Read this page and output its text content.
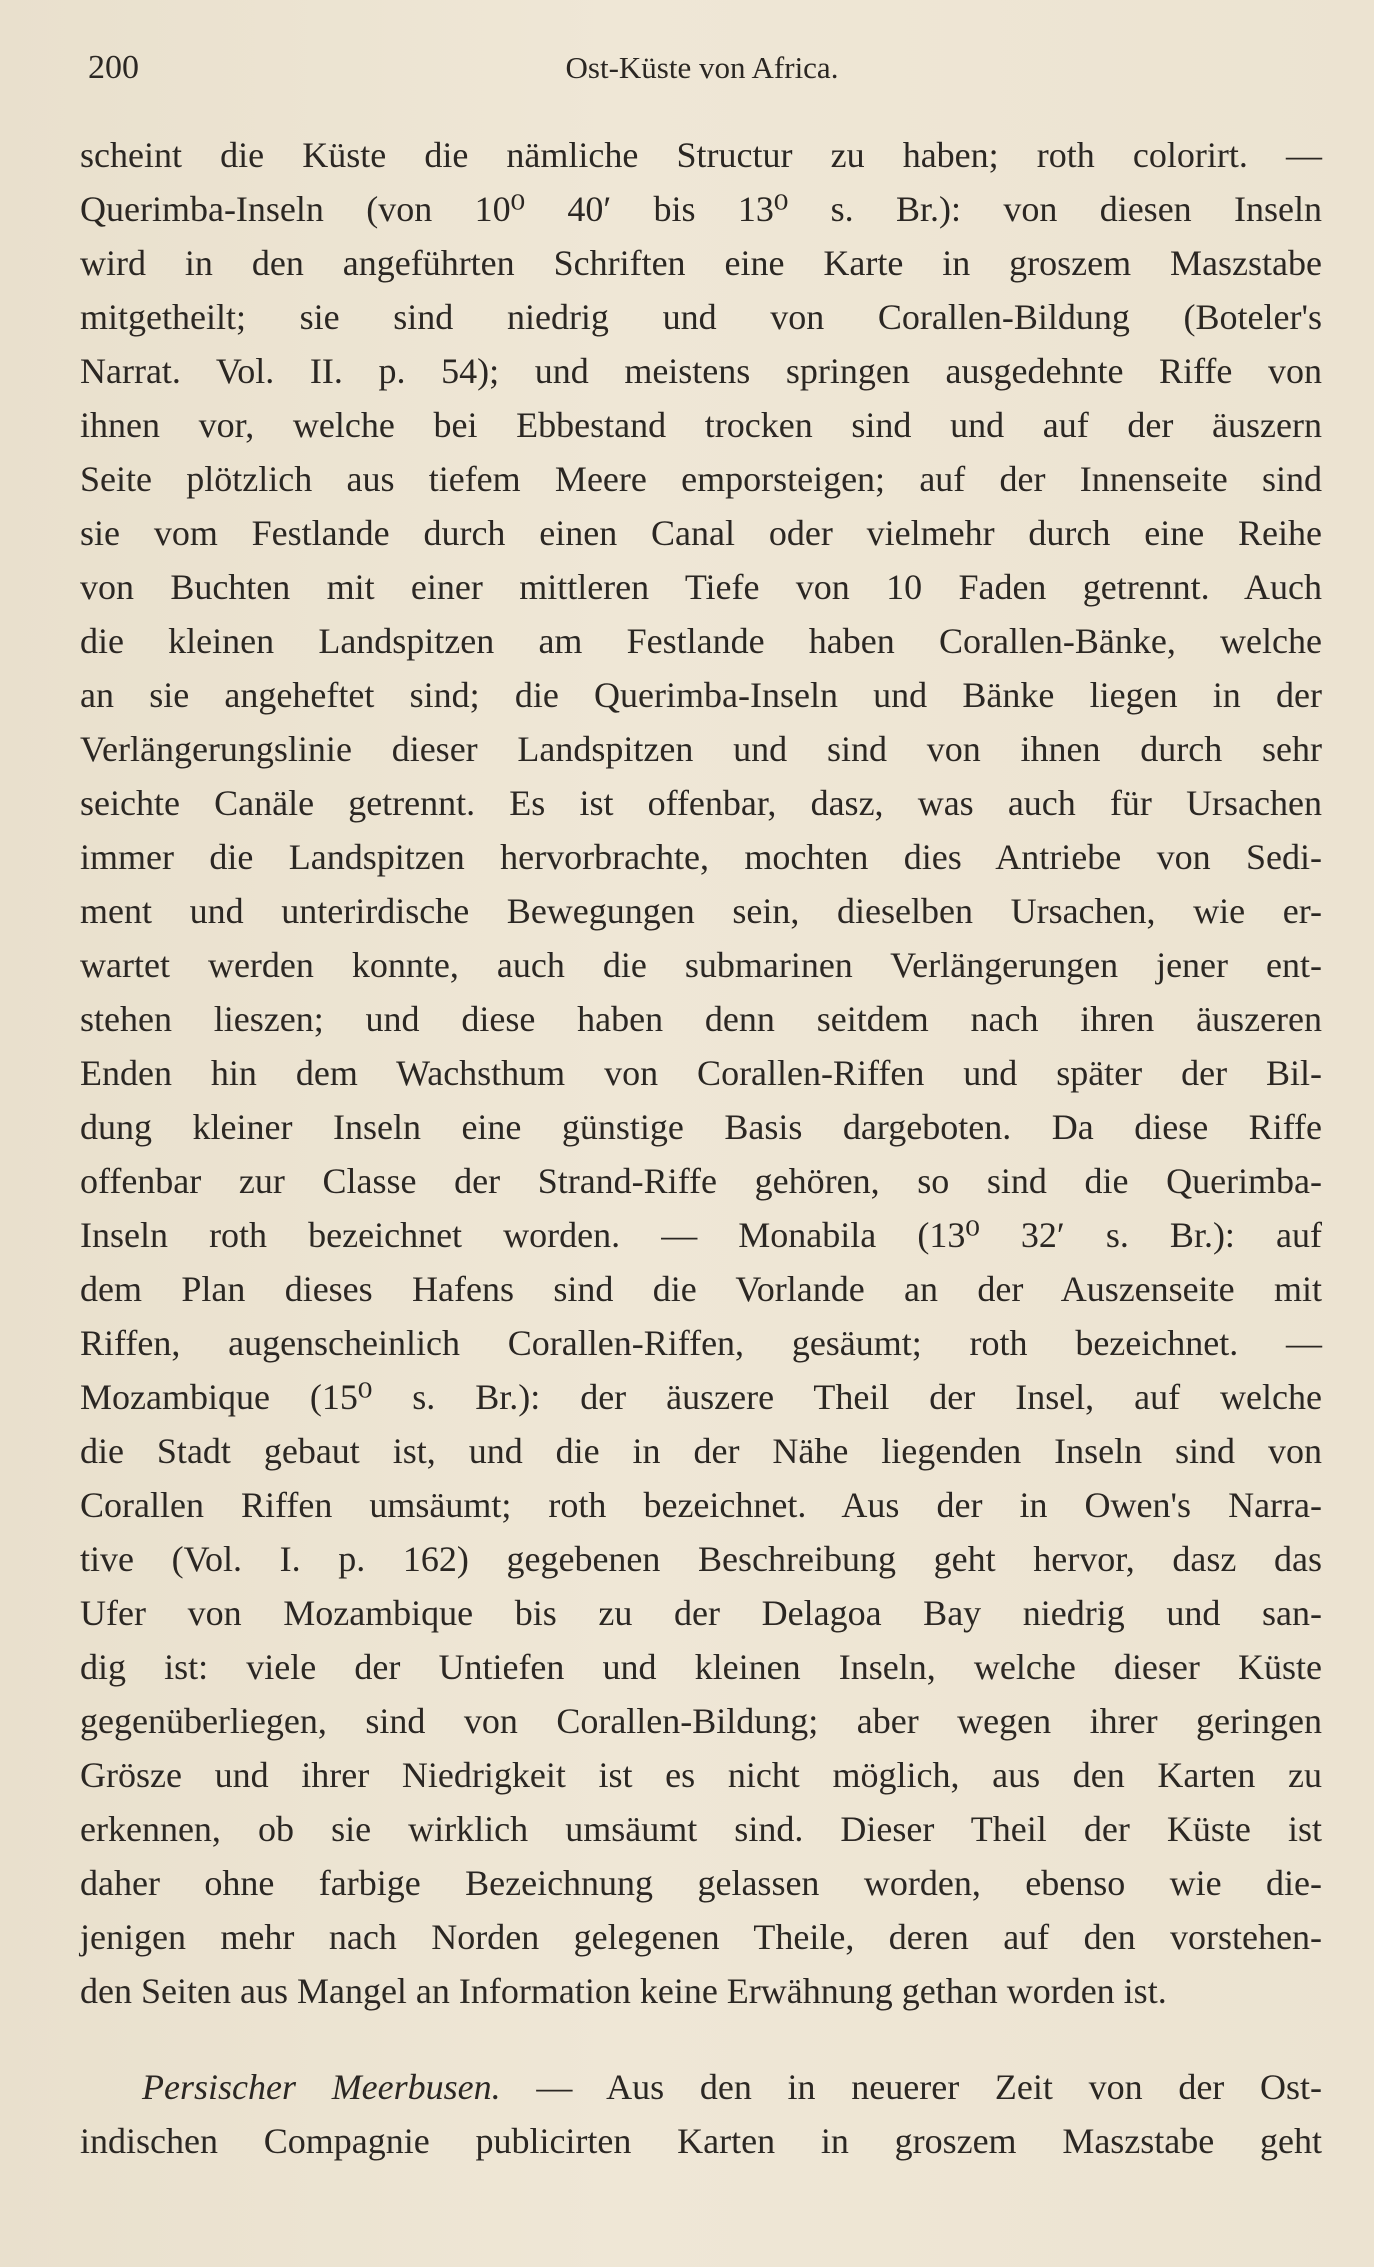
200	Ost-Küste von Africa.
scheint die Küste die nämliche Structur zu haben; roth colorirt. —
Querimba-Inseln (von 10⁰ 40′ bis 13⁰ s. Br.): von diesen Inseln
wird in den angeführten Schriften eine Karte in groszem Maszstabe
mitgetheilt; sie sind niedrig und von Corallen-Bildung (Boteler's
Narrat. Vol. II. p. 54); und meistens springen ausgedehnte Riffe von
ihnen vor, welche bei Ebbestand trocken sind und auf der äuszern
Seite plötzlich aus tiefem Meere emporsteigen; auf der Innenseite sind
sie vom Festlande durch einen Canal oder vielmehr durch eine Reihe
von Buchten mit einer mittleren Tiefe von 10 Faden getrennt. Auch
die kleinen Landspitzen am Festlande haben Corallen-Bänke, welche
an sie angeheftet sind; die Querimba-Inseln und Bänke liegen in der
Verlängerungslinie dieser Landspitzen und sind von ihnen durch sehr
seichte Canäle getrennt. Es ist offenbar, dasz, was auch für Ursachen
immer die Landspitzen hervorbrachte, mochten dies Antriebe von Sedi-
ment und unterirdische Bewegungen sein, dieselben Ursachen, wie er-
wartet werden konnte, auch die submarinen Verlängerungen jener ent-
stehen lieszen; und diese haben denn seitdem nach ihren äuszeren
Enden hin dem Wachsthum von Corallen-Riffen und später der Bil-
dung kleiner Inseln eine günstige Basis dargeboten. Da diese Riffe
offenbar zur Classe der Strand-Riffe gehören, so sind die Querimba-
Inseln roth bezeichnet worden. — Monabila (13⁰ 32′ s. Br.): auf
dem Plan dieses Hafens sind die Vorlande an der Auszenseite mit
Riffen, augenscheinlich Corallen-Riffen, gesäumt; roth bezeichnet. —
Mozambique (15⁰ s. Br.): der äuszere Theil der Insel, auf welche
die Stadt gebaut ist, und die in der Nähe liegenden Inseln sind von
Corallen Riffen umsäumt; roth bezeichnet. Aus der in Owen's Narra-
tive (Vol. I. p. 162) gegebenen Beschreibung geht hervor, dasz das
Ufer von Mozambique bis zu der Delagoa Bay niedrig und san-
dig ist: viele der Untiefen und kleinen Inseln, welche dieser Küste
gegenüberliegen, sind von Corallen-Bildung; aber wegen ihrer geringen
Grösze und ihrer Niedrigkeit ist es nicht möglich, aus den Karten zu
erkennen, ob sie wirklich umsäumt sind. Dieser Theil der Küste ist
daher ohne farbige Bezeichnung gelassen worden, ebenso wie die-
jenigen mehr nach Norden gelegenen Theile, deren auf den vorstehen-
den Seiten aus Mangel an Information keine Erwähnung gethan worden ist.
Persischer Meerbusen. — Aus den in neuerer Zeit von der Ost-
indischen Compagnie publicirten Karten in groszem Maszstabe geht
